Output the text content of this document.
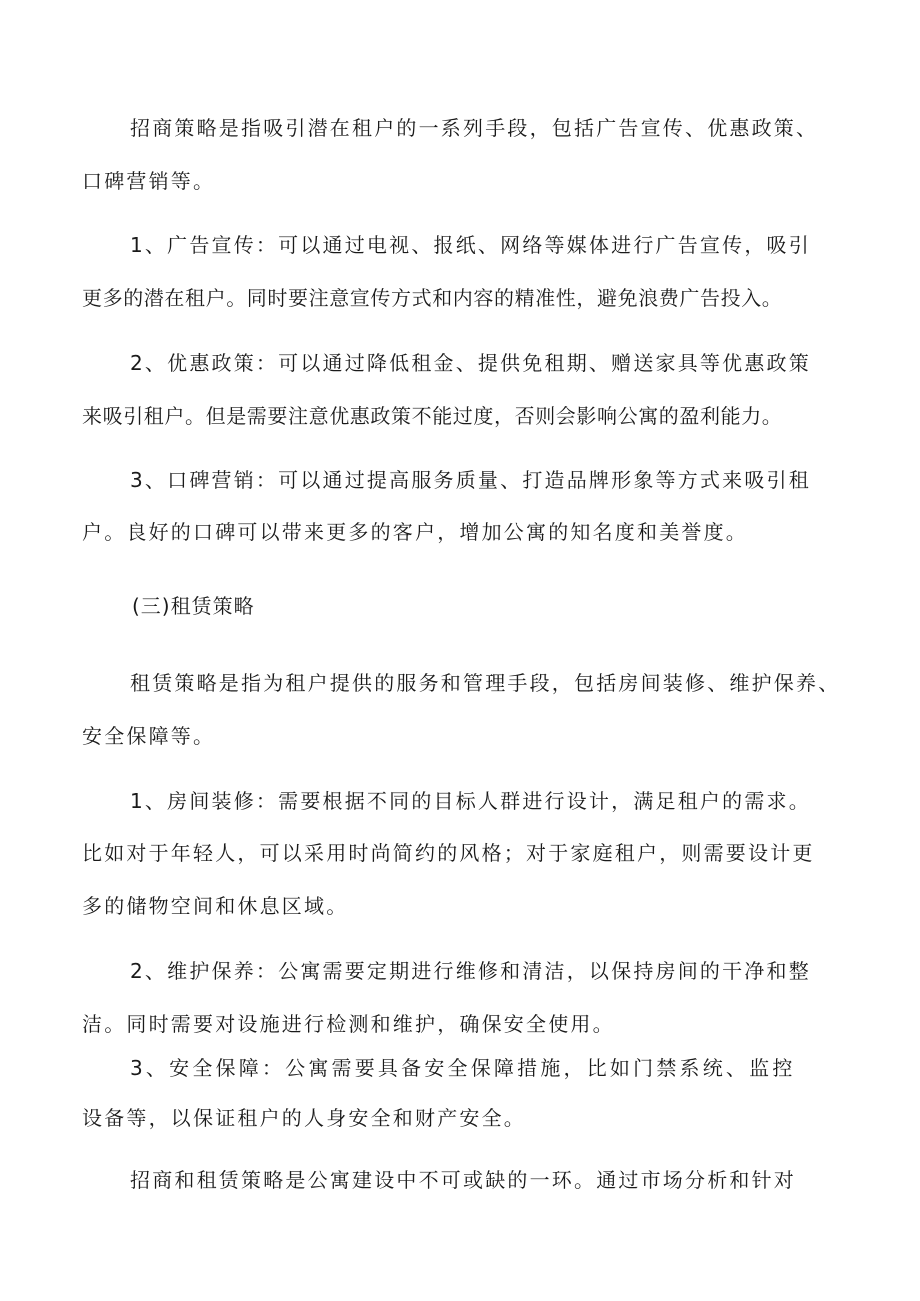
招商策略是指吸引潜在租户的一系列手段，包括广告宣传、优惠政策、
口碑营销等。
1、广告宣传：可以通过电视、报纸、网络等媒体进行广告宣传，吸引
更多的潜在租户。同时要注意宣传方式和内容的精准性，避免浪费广告投入。
2、优惠政策：可以通过降低租金、提供免租期、赠送家具等优惠政策
来吸引租户。但是需要注意优惠政策不能过度，否则会影响公寓的盈利能力。
3、口碑营销：可以通过提高服务质量、打造品牌形象等方式来吸引租
户。良好的口碑可以带来更多的客户，增加公寓的知名度和美誉度。
(三)租赁策略
租赁策略是指为租户提供的服务和管理手段，包括房间装修、维护保养、
安全保障等。
1、房间装修：需要根据不同的目标人群进行设计，满足租户的需求。
比如对于年轻人，可以采用时尚简约的风格；对于家庭租户，则需要设计更
多的储物空间和休息区域。
2、维护保养：公寓需要定期进行维修和清洁，以保持房间的干净和整
洁。同时需要对设施进行检测和维护，确保安全使用。
3、安全保障：公寓需要具备安全保障措施，比如门禁系统、监控
设备等，以保证租户的人身安全和财产安全。
招商和租赁策略是公寓建设中不可或缺的一环。通过市场分析和针对
